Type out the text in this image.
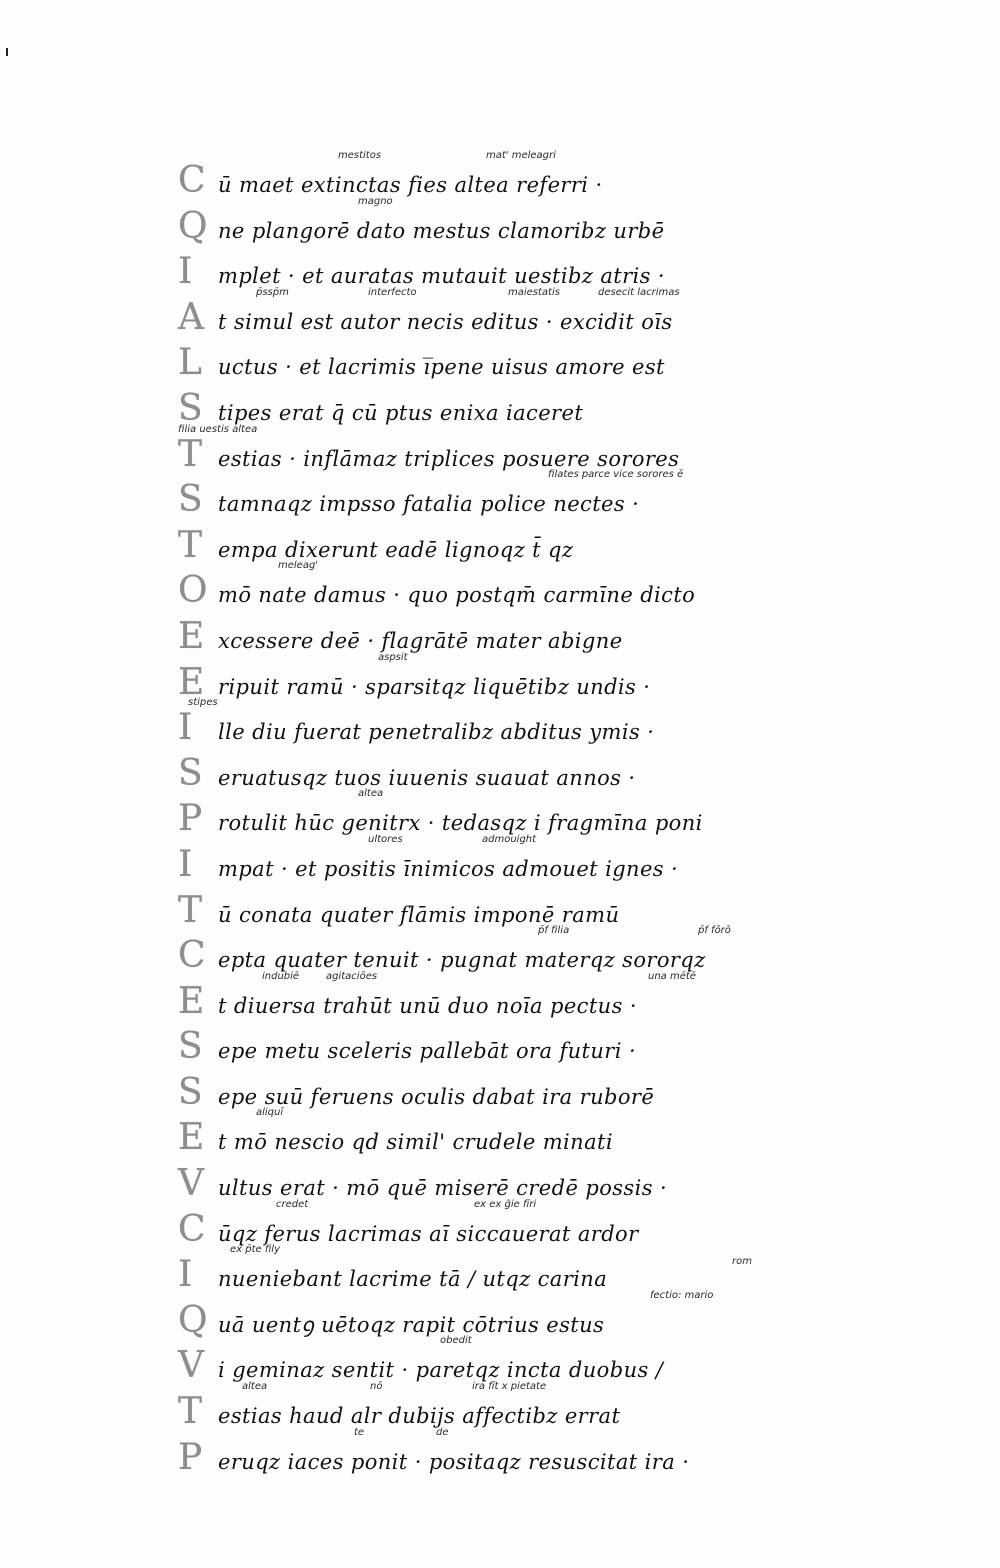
mestitos	mat' meleagri
C ū maet extinctas fies altea referri ·
magno
Q ne plangorē dato mestus clamoribz urbē
I	mplet · et auratas mutauit uestibz atris ·
p̄ssp̄m	interfecto	maiestatis	desecit lacrimas
A t simul est autor necis editus · excidit oīs
L uctus · et lacrimis i̅pene uisus amore est
S tipes erat q̄ cū ptus enixa iaceret
filia uestis altea
T estias · inflāmaz triplices posuere sorores
filates parce vice sorores ē
S tamnaqz impsso fatalia police nectes ·
T empa dixerunt eadē lignoqz t̄ qz
meleag'
O mō nate damus · quo postqm̄ carmīne dicto
E xcessere deē · flagrātē mater abigne
aspsit
E ripuit ramū · sparsitqz liquētibz undis ·
stipes
I	lle diu fuerat penetralibz abditus ymis ·
S eruatusqz tuos iuuenis suauat annos ·
altea
P rotulit hūc genitrx · tedasqz i fragmīna poni
ultores	admouight
I	mpat · et positis īnimicos admouet ignes ·
T ū conata quater flāmis imponē ramū
p̄f filia	p̄f fōrō
C epta quater tenuit · pugnat materqz sororqz
indubiē	agitaciōes	una mētē
E t diuersa trahūt unū duo noīa pectus ·
S epe metu sceleris pallebāt ora futuri ·
S epe suū feruens oculis dabat ira ruborē
aliquī
E t mō nescio qd simil' crudele minati
V ultus erat · mō quē miserē credē possis ·
credet	ex ex g̃ie fīri
C ūqz ferus lacrimas aī siccauerat ardor
ex p̄te fily
I	nueniebant lacrime tā / utqz carina
fectio: mario
Q uā uentꝯ uētoqz rapit cōtrius estus
obedit
V i geminaz sentit · paretqz incta duobus /
altea	nō	ira fīt x pietate
T estias haud alr dubijs affectibz errat
te	de
P eruqz iaces ponit · positaqz resuscitat ira ·
rom
